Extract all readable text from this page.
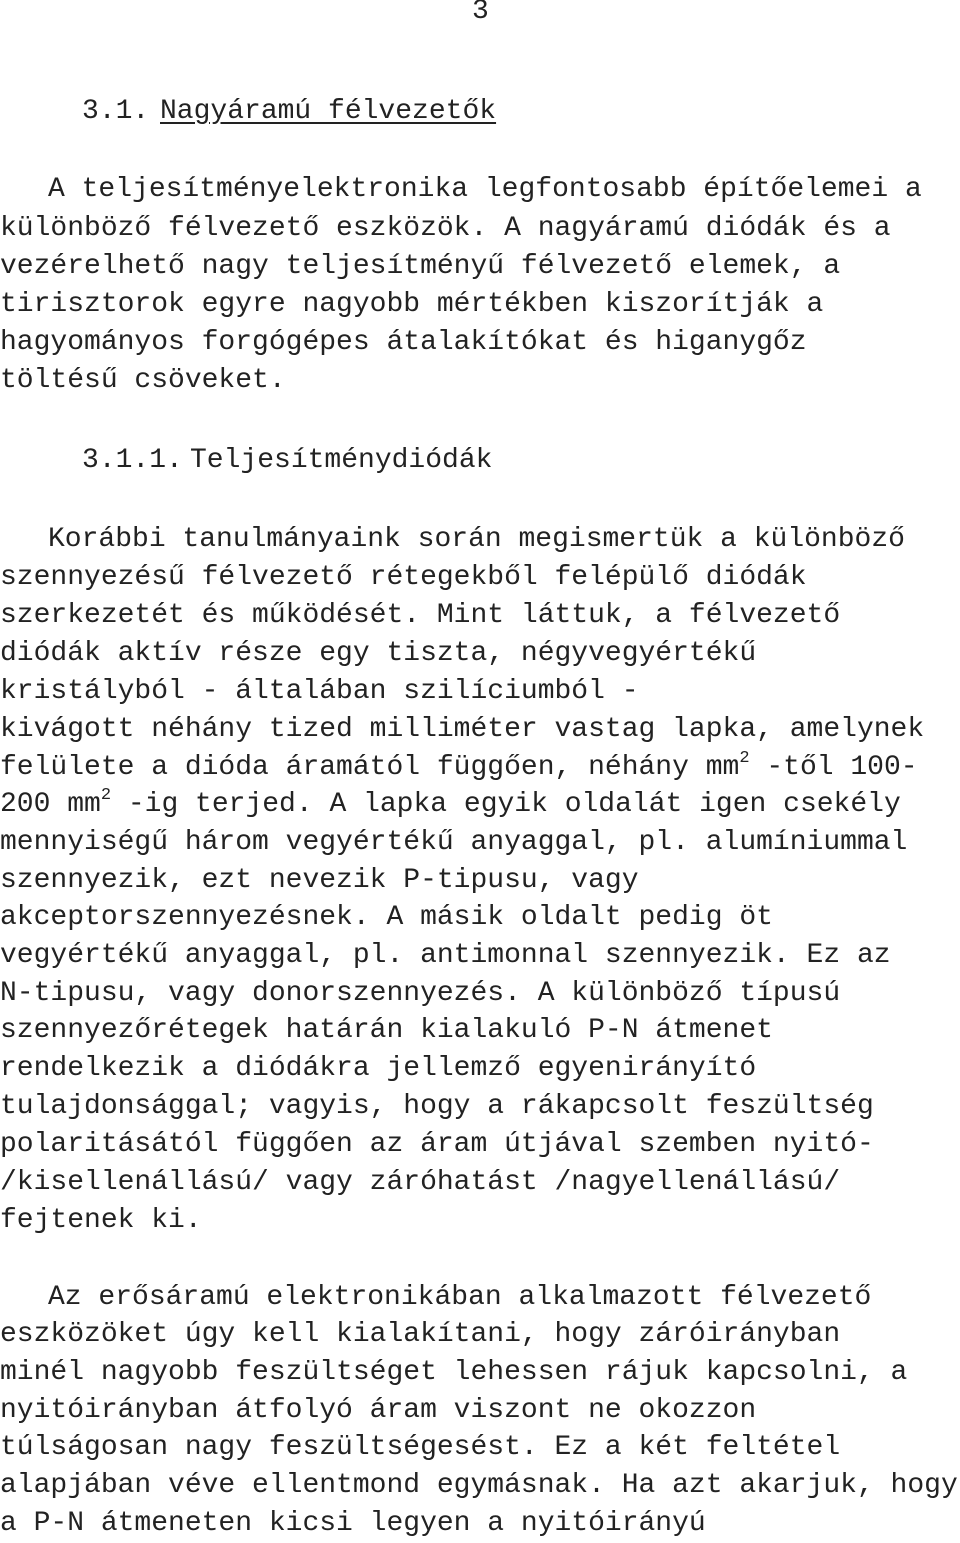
3
3.1. Nagyáramú félvezetők
A teljesítményelektronika legfontosabb építőelemei a
különböző félvezető eszközök. A nagyáramú diódák és a
vezérelhető nagy teljesítményű félvezető elemek, a
tirisztorok egyre nagyobb mértékben kiszorítják a
hagyományos forgógépes átalakítókat és higanygőz
töltésű csöveket.
3.1.1. Teljesítménydiódák
Korábbi tanulmányaink során megismertük a különböző
szennyezésű félvezető rétegekből felépülő diódák
szerkezetét és működését. Mint láttuk, a félvezető
diódák aktív része egy tiszta, négyvegyértékű
kristályból - általában szilíciumból -
kivágott néhány tized milliméter vastag lapka, amelynek
felülete a dióda áramától függően, néhány $mm^2$ -től 100-
200 $mm^2$ -ig terjed. A lapka egyik oldalát igen csekély
mennyiségű három vegyértékű anyaggal, pl. alumíniummal
szennyezik, ezt nevezik P-tipusu, vagy
akceptorszennyezésnek. A másik oldalt pedig öt
vegyértékű anyaggal, pl. antimonnal szennyezik. Ez az
N-tipusu, vagy donorszennyezés. A különböző típusú
szennyezőrétegek határán kialakuló P-N átmenet
rendelkezik a diódákra jellemző egyenirányító
tulajdonsággal; vagyis, hogy a rákapcsolt feszültség
polaritásától függően az áram útjával szemben nyitó-
/kisellenállású/ vagy záróhatást /nagyellenállású/
fejtenek ki.
Az erősáramú elektronikában alkalmazott félvezető
eszközöket úgy kell kialakítani, hogy záróirányban
minél nagyobb feszültséget lehessen rájuk kapcsolni, a
nyitóirányban átfolyó áram viszont ne okozzon
túlságosan nagy feszültségesést. Ez a két feltétel
alapjában véve ellentmond egymásnak. Ha azt akarjuk, hogy
a P-N átmeneten kicsi legyen a nyitóirányú
